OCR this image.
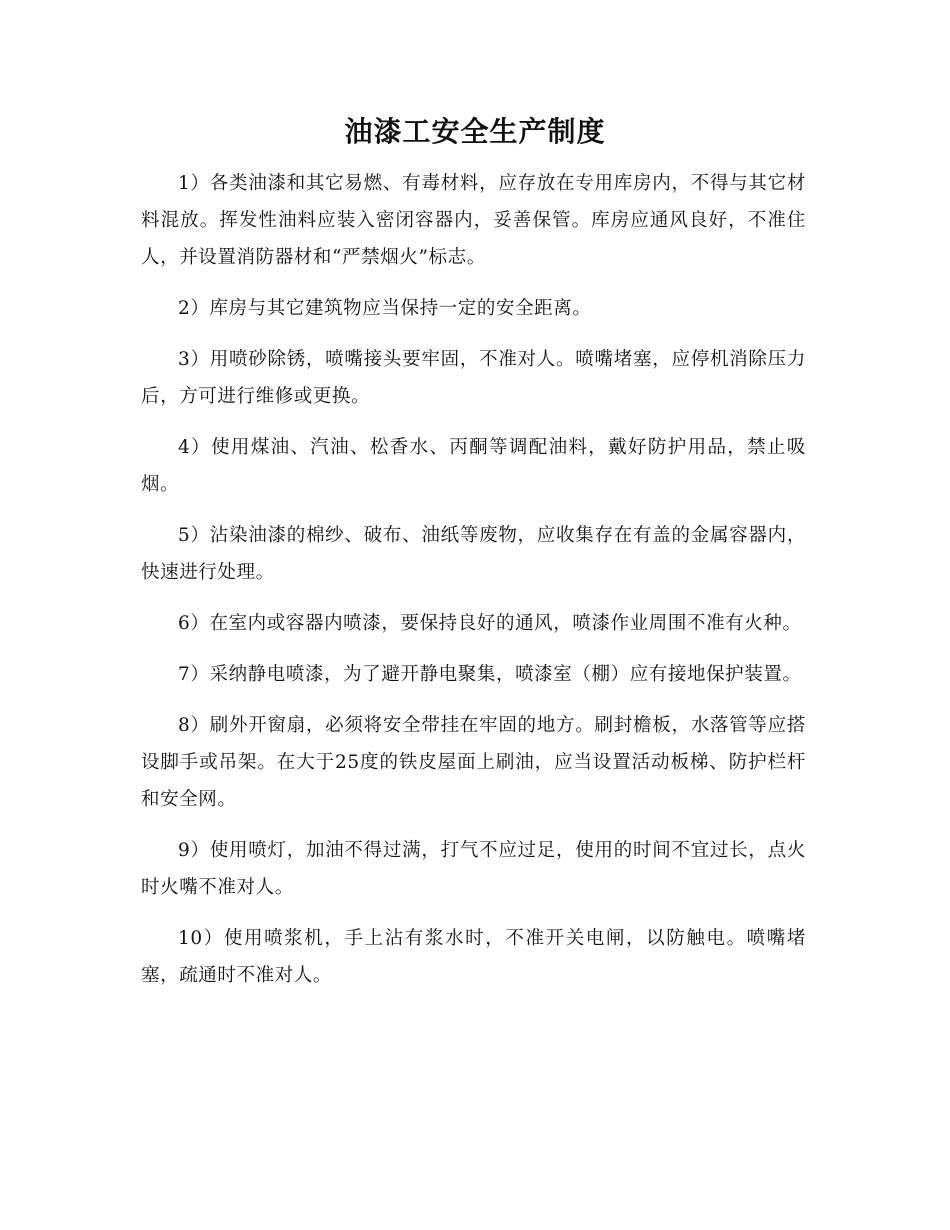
油漆工安全生产制度

1）各类油漆和其它易燃、有毒材料，应存放在专用库房内，不得与其它材料混放。挥发性油料应装入密闭容器内，妥善保管。库房应通风良好，不准住人，并设置消防器材和“严禁烟火”标志。

2）库房与其它建筑物应当保持一定的安全距离。

3）用喷砂除锈，喷嘴接头要牢固，不准对人。喷嘴堵塞，应停机消除压力后，方可进行维修或更换。

4）使用煤油、汽油、松香水、丙酮等调配油料，戴好防护用品，禁止吸烟。

5）沾染油漆的棉纱、破布、油纸等废物，应收集存在有盖的金属容器内，快速进行处理。

6）在室内或容器内喷漆，要保持良好的通风，喷漆作业周围不准有火种。

7）采纳静电喷漆，为了避开静电聚集，喷漆室（棚）应有接地保护装置。

8）刷外开窗扇，必须将安全带挂在牢固的地方。刷封檐板，水落管等应搭设脚手或吊架。在大于25度的铁皮屋面上刷油，应当设置活动板梯、防护栏杆和安全网。

9）使用喷灯，加油不得过满，打气不应过足，使用的时间不宜过长，点火时火嘴不准对人。

10）使用喷浆机，手上沾有浆水时，不准开关电闸，以防触电。喷嘴堵塞，疏通时不准对人。
